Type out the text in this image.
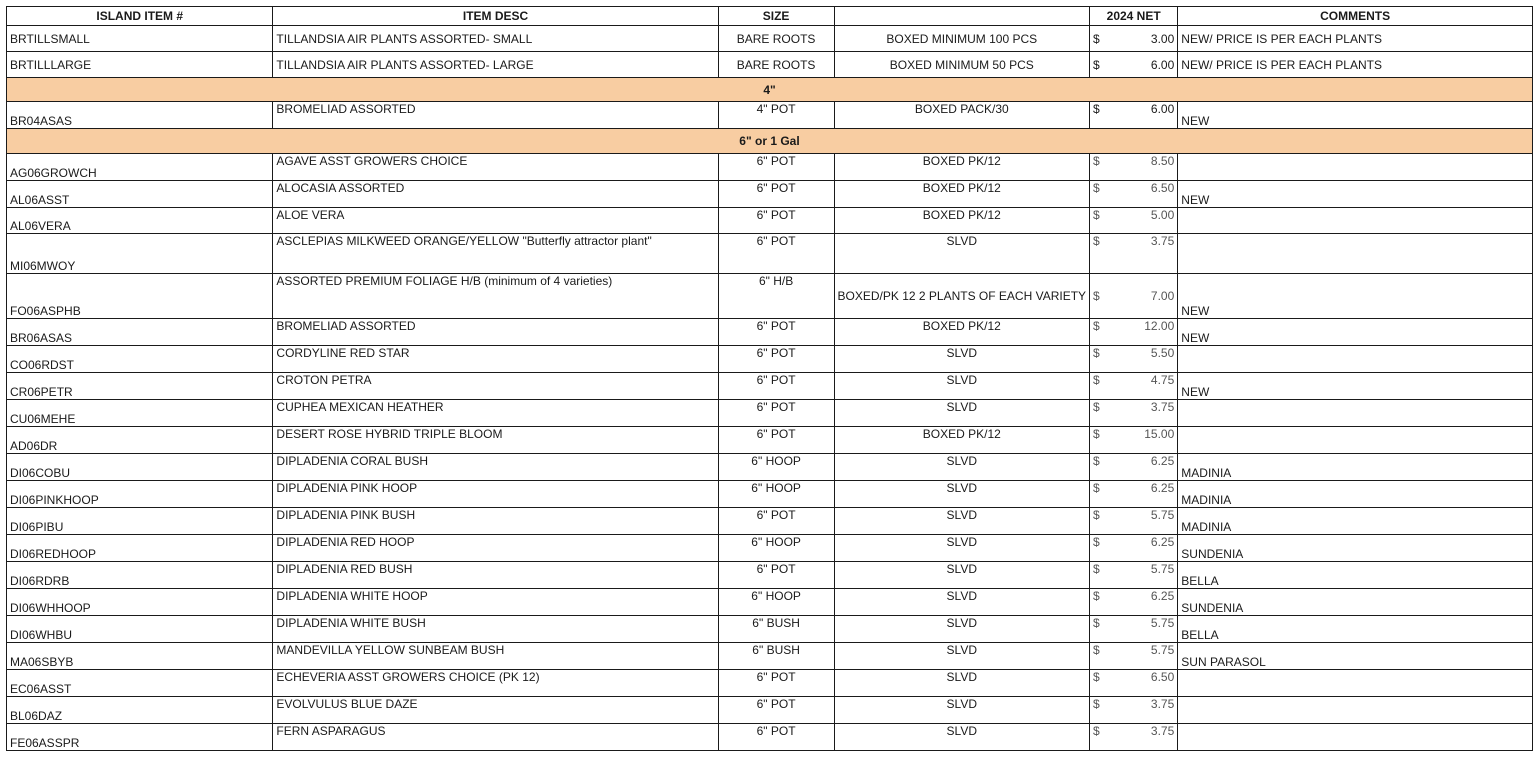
ISLAND ITEM #	ITEM DESC	SIZE		2024 NET	COMMENTS
BRTILLSMALL	TILLANDSIA AIR PLANTS ASSORTED- SMALL	BARE ROOTS	BOXED MINIMUM 100 PCS	$ 3.00	NEW/ PRICE IS PER EACH PLANTS
BRTILLLARGE	TILLANDSIA AIR PLANTS ASSORTED- LARGE	BARE ROOTS	BOXED MINIMUM 50 PCS	$ 6.00	NEW/ PRICE IS PER EACH PLANTS
4"					
BR04ASAS	BROMELIAD ASSORTED	4" POT	BOXED PACK/30	$ 6.00	NEW
6" or 1 Gal					
AG06GROWCH	AGAVE ASST GROWERS CHOICE	6" POT	BOXED PK/12	$ 8.50	

AL06ASST	ALOCASIA ASSORTED	6" POT	BOXED PK/12	$ 6.50	NEW
AL06VERA	ALOE VERA	6" POT	BOXED PK/12	$ 5.00	

MI06MWOY	ASCLEPIAS MILKWEED ORANGE/YELLOW "Butterfly attractor plant"	6" POT	SLVD	$ 3.75	

FO06ASPHB	ASSORTED PREMIUM FOLIAGE H/B (minimum of 4 varieties)	6" H/B	BOXED/PK 12 2 PLANTS OF EACH VARIETY	$ 7.00	NEW
BR06ASAS	BROMELIAD ASSORTED	6" POT	BOXED PK/12	$ 12.00	NEW
CO06RDST	CORDYLINE RED STAR	6" POT	SLVD	$ 5.50	

CR06PETR	CROTON PETRA	6" POT	SLVD	$ 4.75	NEW
CU06MEHE	CUPHEA MEXICAN HEATHER	6" POT	SLVD	$ 3.75	

AD06DR	DESERT ROSE HYBRID TRIPLE BLOOM	6" POT	BOXED PK/12	$ 15.00	

DI06COBU	DIPLADENIA CORAL BUSH	6" HOOP	SLVD	$ 6.25	MADINIA
DI06PINKHOOP	DIPLADENIA PINK HOOP	6" HOOP	SLVD	$ 6.25	MADINIA
DI06PIBU	DIPLADENIA PINK BUSH	6" POT	SLVD	$ 5.75	MADINIA
DI06REDHOOP	DIPLADENIA RED HOOP	6" HOOP	SLVD	$ 6.25	SUNDENIA
DI06RDRB	DIPLADENIA RED BUSH	6" POT	SLVD	$ 5.75	BELLA
DI06WHHOOP	DIPLADENIA WHITE HOOP	6" HOOP	SLVD	$ 6.25	SUNDENIA
DI06WHBU	DIPLADENIA WHITE BUSH	6" BUSH	SLVD	$ 5.75	BELLA
MA06SBYB	MANDEVILLA YELLOW SUNBEAM BUSH	6" BUSH	SLVD	$ 5.75	SUN PARASOL
EC06ASST	ECHEVERIA ASST GROWERS CHOICE (PK 12)	6" POT	SLVD	$ 6.50	

BL06DAZ	EVOLVULUS BLUE DAZE	6" POT	SLVD	$ 3.75	

FE06ASSPR	FERN ASPARAGUS	6" POT	SLVD	$ 3.75	
